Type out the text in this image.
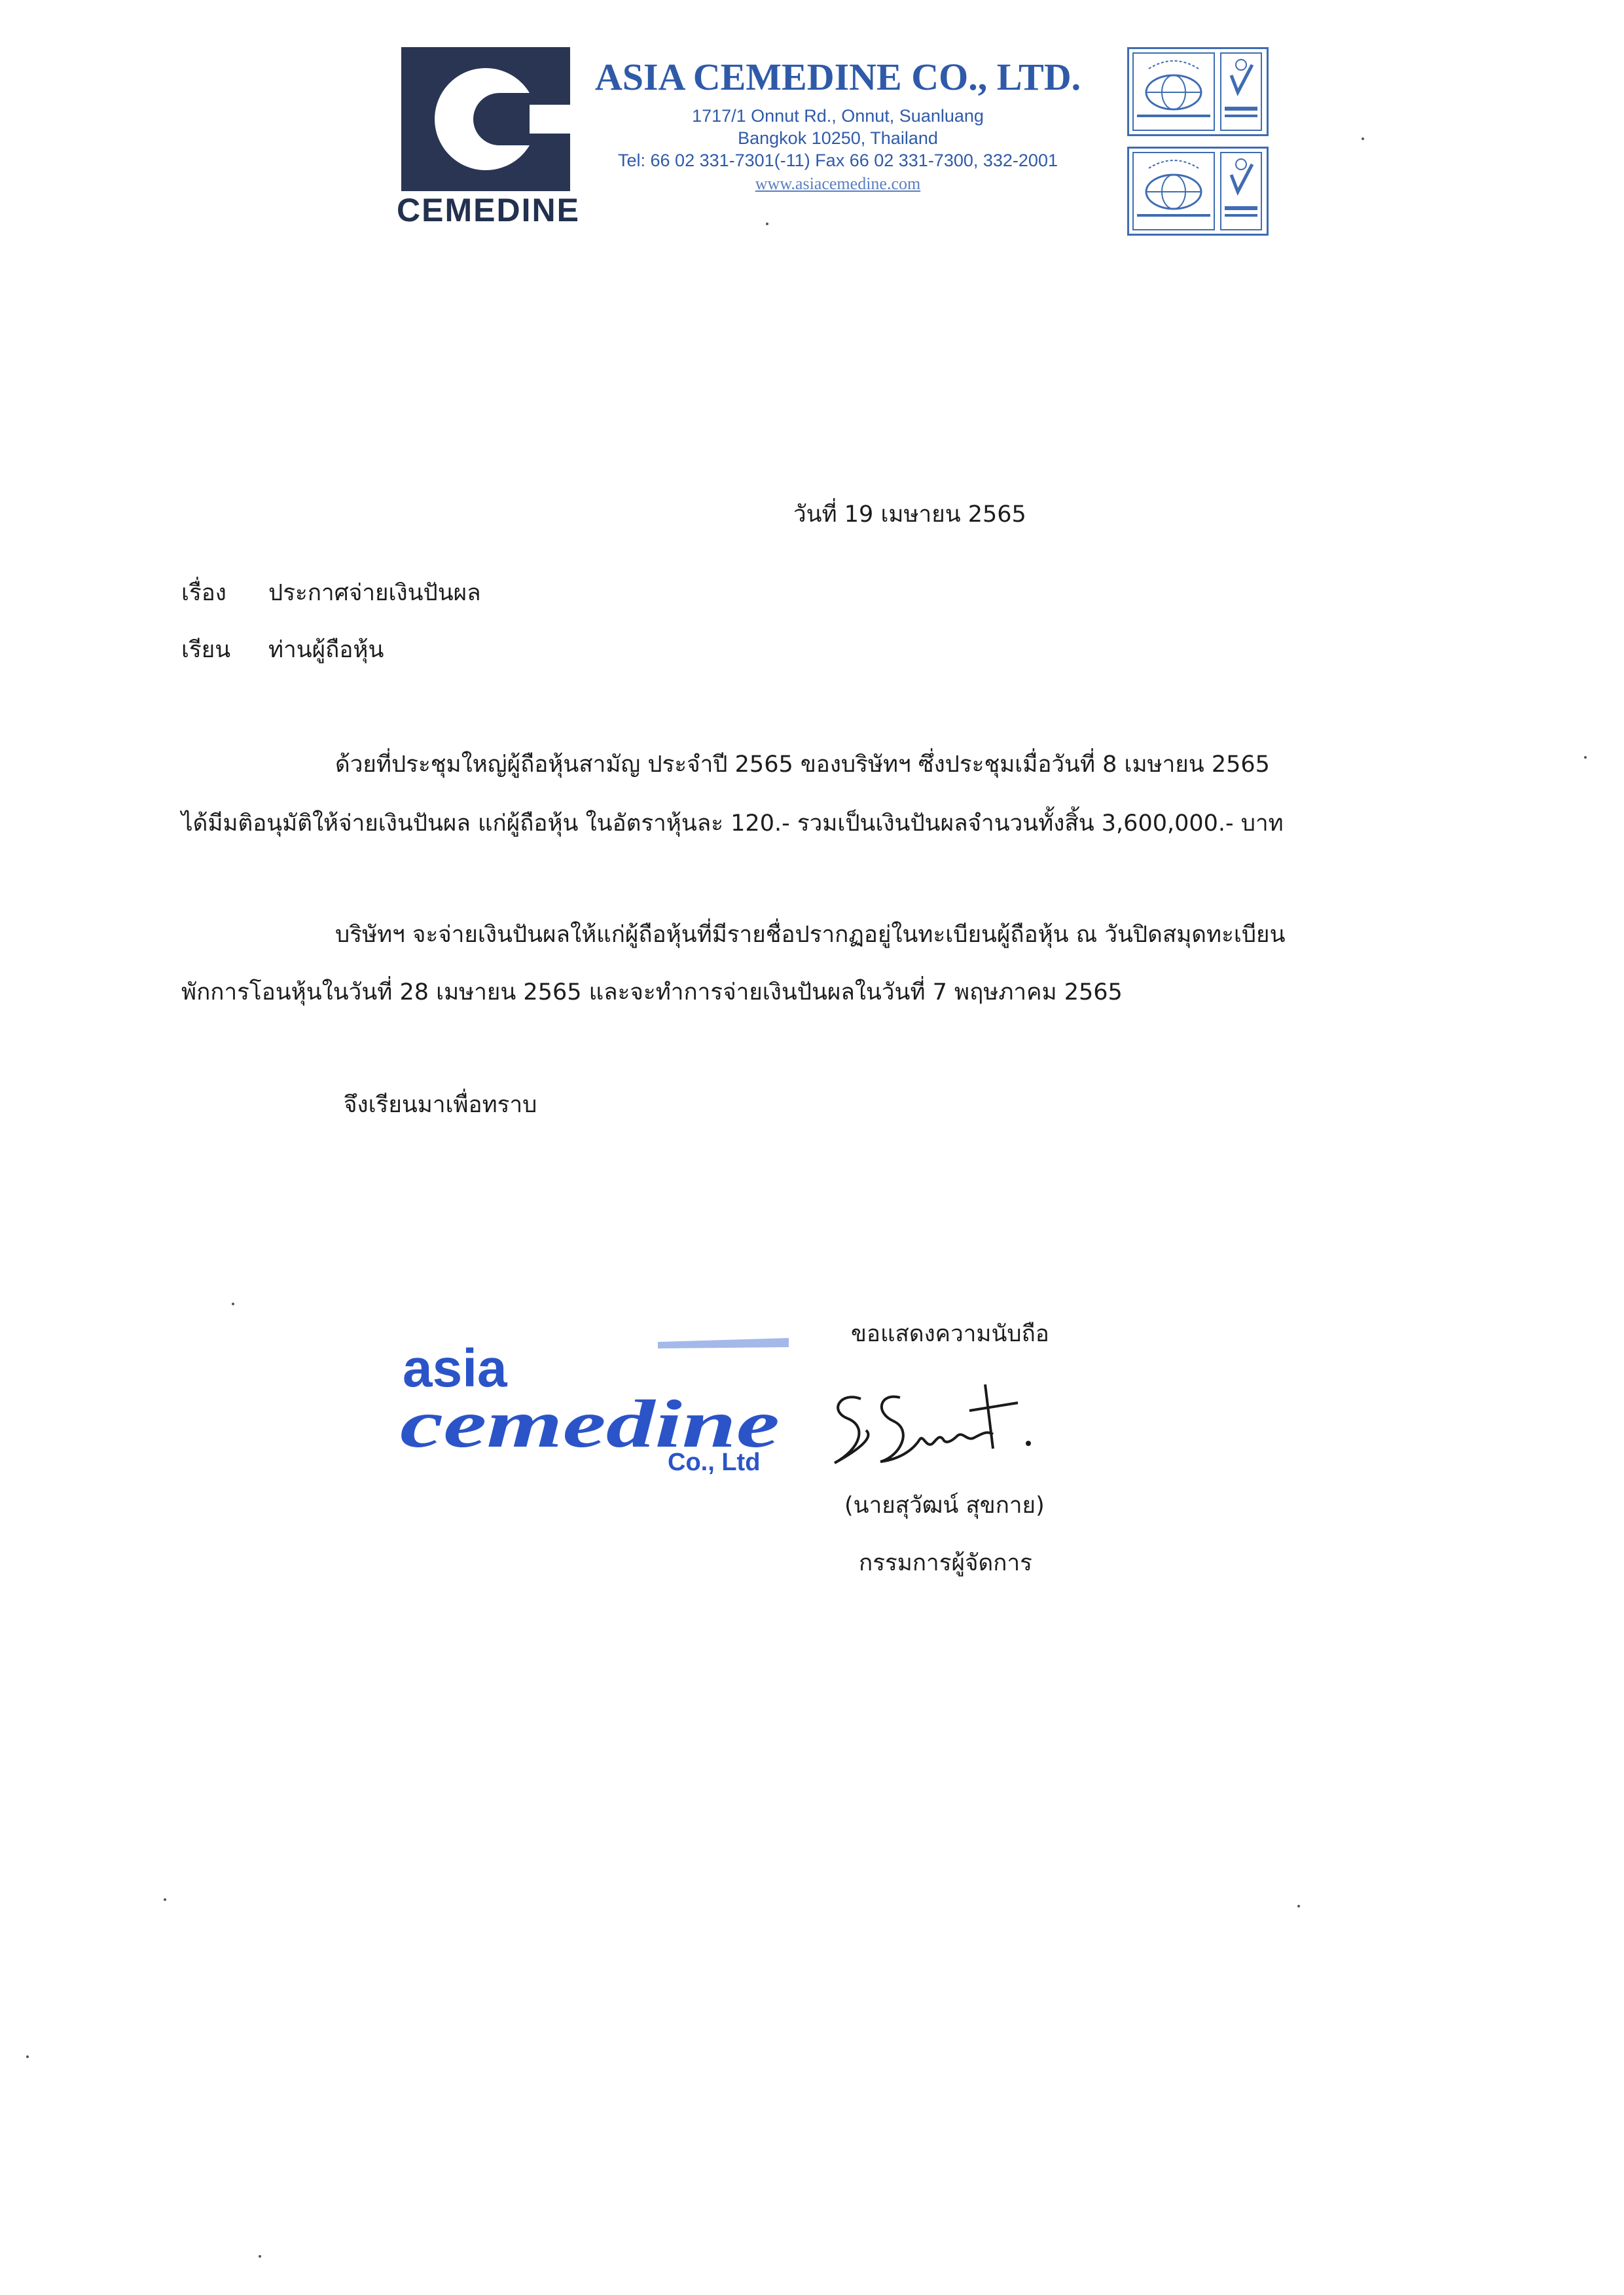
CEMEDINE
ASIA CEMEDINE CO., LTD.
1717/1 Onnut Rd., Onnut, Suanluang
Bangkok 10250, Thailand
Tel: 66 02 331-7301(-11) Fax 66 02 331-7300, 332-2001
www.asiacemedine.com
วันที่ 19 เมษายน 2565
เรื่อง ประกาศจ่ายเงินปันผล
เรียน ท่านผู้ถือหุ้น
ด้วยที่ประชุมใหญ่ผู้ถือหุ้นสามัญ ประจำปี 2565 ของบริษัทฯ ซึ่งประชุมเมื่อวันที่ 8 เมษายน 2565
ได้มีมติอนุมัติให้จ่ายเงินปันผล แก่ผู้ถือหุ้น ในอัตราหุ้นละ 120.- รวมเป็นเงินปันผลจำนวนทั้งสิ้น 3,600,000.- บาท
บริษัทฯ จะจ่ายเงินปันผลให้แก่ผู้ถือหุ้นที่มีรายชื่อปรากฏอยู่ในทะเบียนผู้ถือหุ้น ณ วันปิดสมุดทะเบียน
พักการโอนหุ้นในวันที่ 28 เมษายน 2565 และจะทำการจ่ายเงินปันผลในวันที่ 7 พฤษภาคม 2565
จึงเรียนมาเพื่อทราบ
ขอแสดงความนับถือ
asia
cemedine
Co., Ltd
(นายสุวัฒน์ สุขกาย)
กรรมการผู้จัดการ
